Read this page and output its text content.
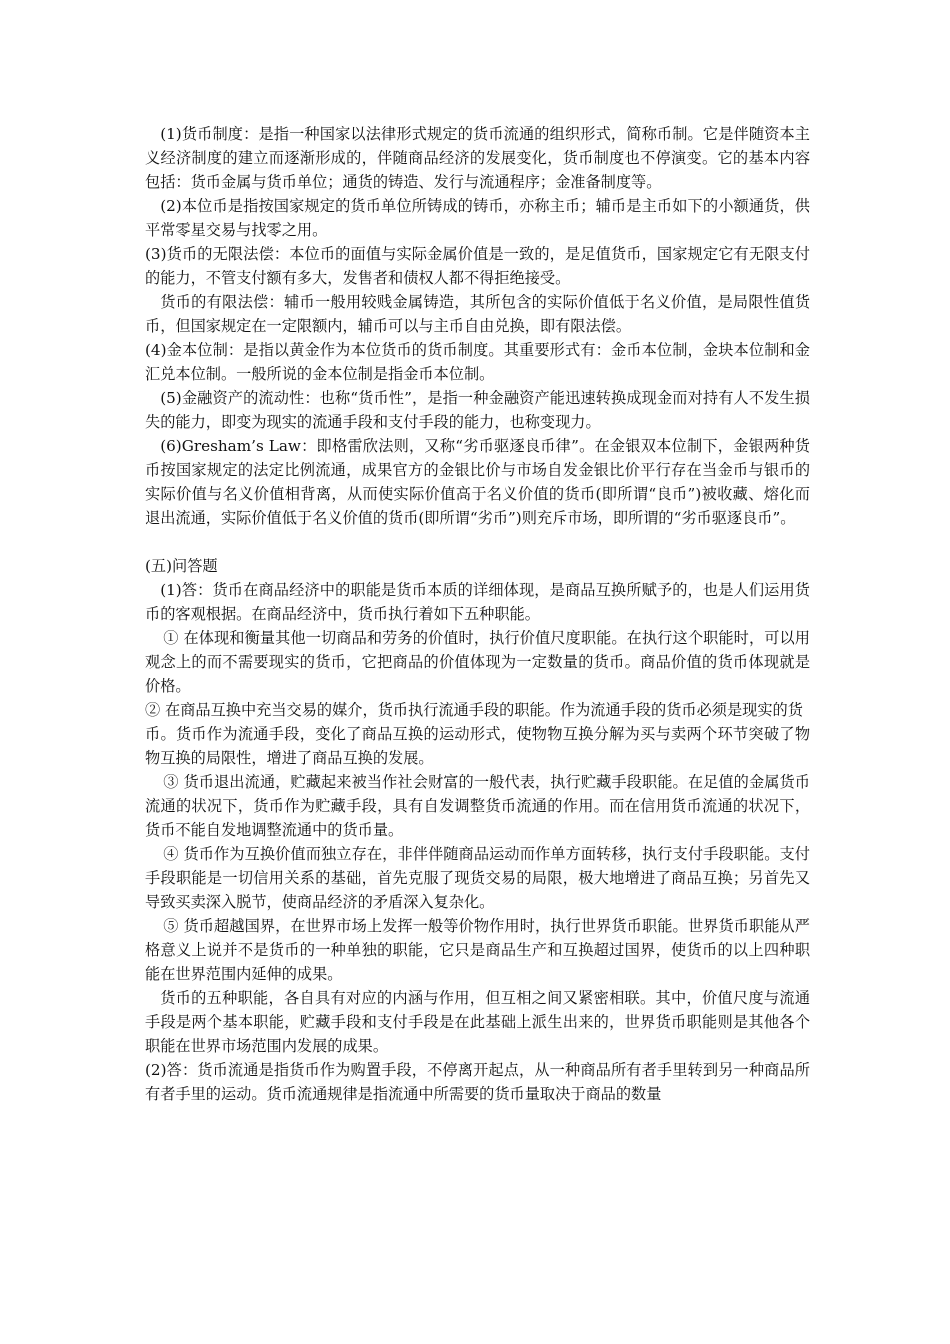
(1)货币制度：是指一种国家以法律形式规定的货币流通的组织形式，简称币制。它是伴随资本主义经济制度的建立而逐渐形成的，伴随商品经济的发展变化，货币制度也不停演变。它的基本内容包括：货币金属与货币单位；通货的铸造、发行与流通程序；金准备制度等。

(2)本位币是指按国家规定的货币单位所铸成的铸币，亦称主币；辅币是主币如下的小额通货，供平常零星交易与找零之用。

(3)货币的无限法偿：本位币的面值与实际金属价值是一致的，是足值货币，国家规定它有无限支付的能力，不管支付额有多大，发售者和债权人都不得拒绝接受。

货币的有限法偿：辅币一般用较贱金属铸造，其所包含的实际价值低于名义价值，是局限性值货币，但国家规定在一定限额内，辅币可以与主币自由兑换，即有限法偿。

(4)金本位制：是指以黄金作为本位货币的货币制度。其重要形式有：金币本位制，金块本位制和金汇兑本位制。一般所说的金本位制是指金币本位制。

(5)金融资产的流动性：也称“货币性”，是指一种金融资产能迅速转换成现金而对持有人不发生损失的能力，即变为现实的流通手段和支付手段的能力，也称变现力。

(6)Gresham’s Law：即格雷欣法则，又称“劣币驱逐良币律”。在金银双本位制下，金银两种货币按国家规定的法定比例流通，成果官方的金银比价与市场自发金银比价平行存在当金币与银币的实际价值与名义价值相背离，从而使实际价值高于名义价值的货币(即所谓“良币”)被收藏、熔化而退出流通，实际价值低于名义价值的货币(即所谓“劣币”)则充斥市场，即所谓的“劣币驱逐良币”。

(五)问答题

(1)答：货币在商品经济中的职能是货币本质的详细体现，是商品互换所赋予的，也是人们运用货币的客观根据。在商品经济中，货币执行着如下五种职能。

① 在体现和衡量其他一切商品和劳务的价值时，执行价值尺度职能。在执行这个职能时，可以用观念上的而不需要现实的货币，它把商品的价值体现为一定数量的货币。商品价值的货币体现就是价格。

② 在商品互换中充当交易的媒介，货币执行流通手段的职能。作为流通手段的货币必须是现实的货

币。货币作为流通手段，变化了商品互换的运动形式，使物物互换分解为买与卖两个环节突破了物物互换的局限性，增进了商品互换的发展。

③ 货币退出流通，贮藏起来被当作社会财富的一般代表，执行贮藏手段职能。在足值的金属货币流通的状况下，货币作为贮藏手段，具有自发调整货币流通的作用。而在信用货币流通的状况下，货币不能自发地调整流通中的货币量。

④ 货币作为互换价值而独立存在，非伴伴随商品运动而作单方面转移，执行支付手段职能。支付手段职能是一切信用关系的基础，首先克服了现货交易的局限，极大地增进了商品互换；另首先又导致买卖深入脱节，使商品经济的矛盾深入复杂化。

⑤ 货币超越国界，在世界市场上发挥一般等价物作用时，执行世界货币职能。世界货币职能从严格意义上说并不是货币的一种单独的职能，它只是商品生产和互换超过国界，使货币的以上四种职能在世界范围内延伸的成果。

货币的五种职能，各自具有对应的内涵与作用，但互相之间又紧密相联。其中，价值尺度与流通手段是两个基本职能，贮藏手段和支付手段是在此基础上派生出来的，世界货币职能则是其他各个职能在世界市场范围内发展的成果。

(2)答：货币流通是指货币作为购置手段，不停离开起点，从一种商品所有者手里转到另一种商品所有者手里的运动。货币流通规律是指流通中所需要的货币量取决于商品的数量
